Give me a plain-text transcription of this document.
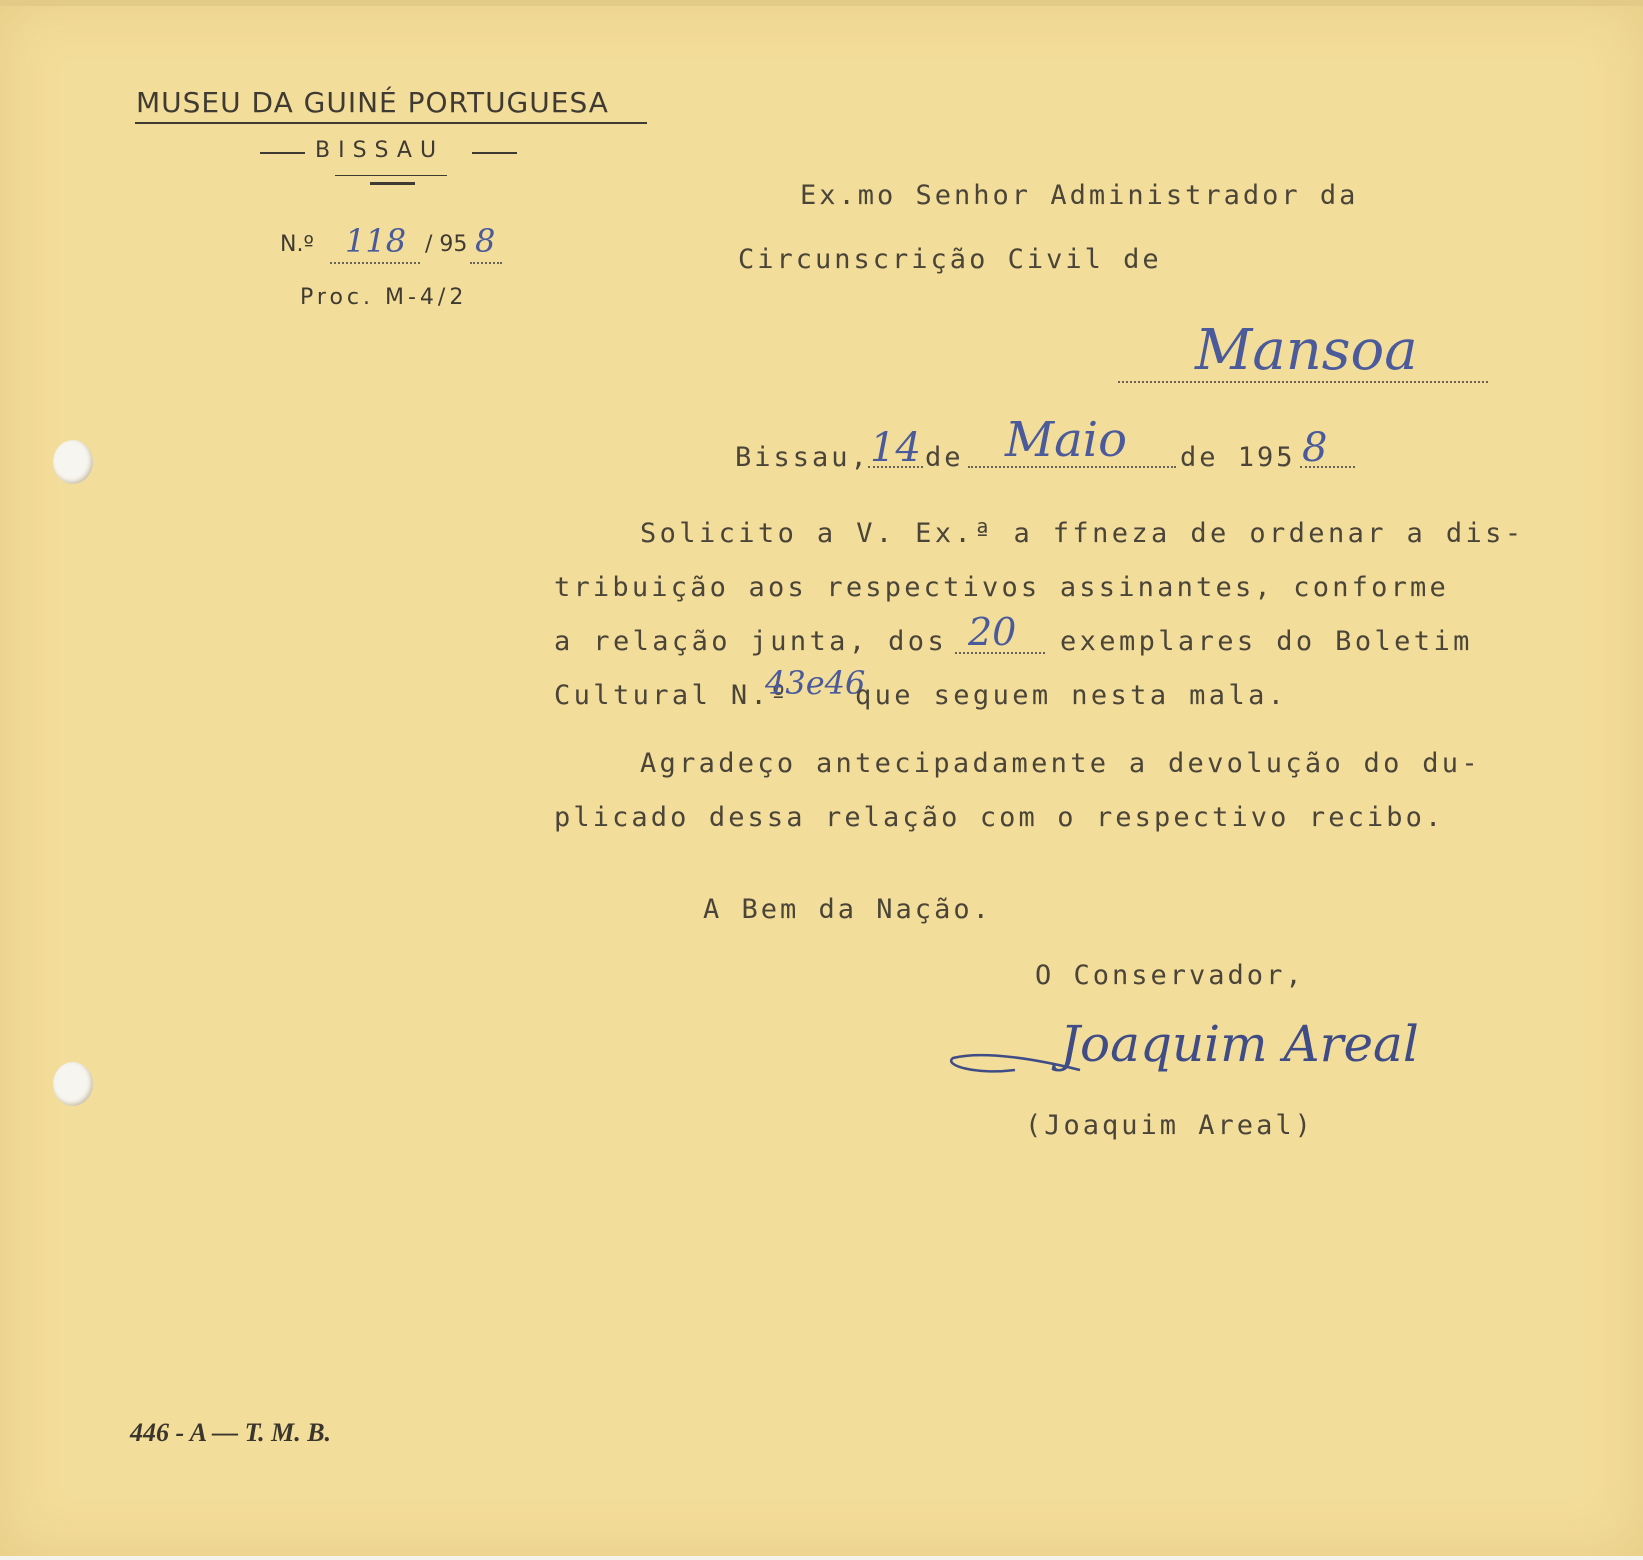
MUSEU DA GUINÉ PORTUGUESA
BISSAU
N.º 118 / 95 8
Proc. M-4/2
Ex.mo Senhor Administrador da
Circunscrição Civil de
Mansoa
Bissau, 14 de Maio de 195 8
Solicito a V. Ex.ª a ffneza de ordenar a dis-
tribuição aos respectivos assinantes, conforme
a relação junta, dos 20 exemplares do Boletim
Cultural N.º
43e46
que seguem nesta mala.
Agradeço antecipadamente a devolução do du-
plicado dessa relação com o respectivo recibo.
A Bem da Nação.
O Conservador,
Joaquim Areal
(Joaquim Areal)
446 - A — T. M. B.
